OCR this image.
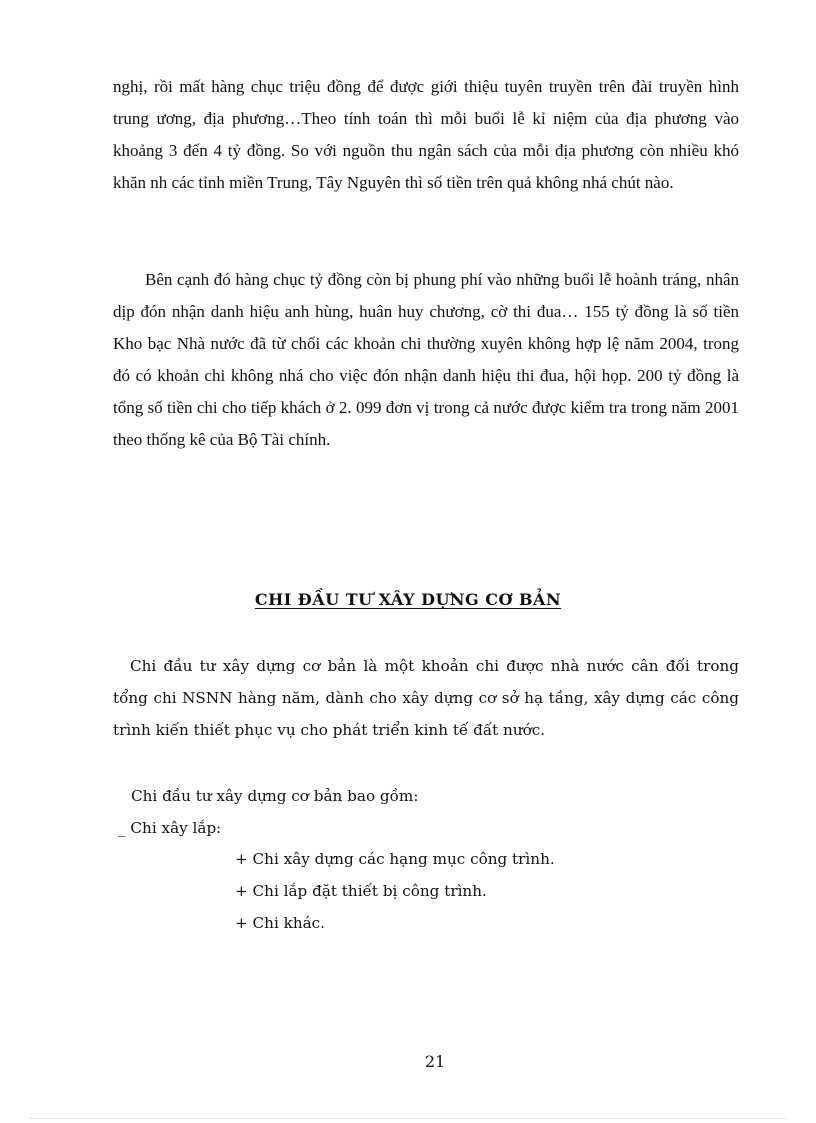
nghị, rồi mất hàng chục triệu đồng để được giới thiệu tuyên truyền trên đài truyền hình trung ương, địa phương…Theo tính toán thì mỗi buổi lễ kỉ niệm của địa phương vào khoảng 3 đến 4 tỷ đồng. So với nguồn thu ngân sách của mỗi địa phương còn nhiều khó khăn nh các tỉnh miền Trung, Tây Nguyên thì số tiền trên quả không nhá chút nào.

Bên cạnh đó hàng chục tỷ đồng còn bị phung phí vào những buổi lễ hoành tráng, nhân dịp đón nhận danh hiệu anh hùng, huân huy chương, cờ thi đua… 155 tỷ đồng là số tiền Kho bạc Nhà nước đã từ chối các khoản chi thường xuyên không hợp lệ năm 2004, trong đó có khoản chi không nhá cho việc đón nhận danh hiệu thi đua, hội họp. 200 tỷ đồng là tổng số tiền chi cho tiếp khách ở 2. 099 đơn vị trong cả nước được kiểm tra trong năm 2001 theo thống kê của Bộ Tài chính.

CHI ĐẦU TƯ XÂY DỰNG CƠ BẢN

Chi đầu tư xây dựng cơ bản là một khoản chi được nhà nước cân đối trong tổng chi NSNN hàng năm, dành cho xây dựng cơ sở hạ tầng, xây dựng các công trình kiến thiết phục vụ cho phát triển kinh tế đất nước.

Chi đầu tư xây dựng cơ bản bao gồm:

_ Chi xây lắp:

+ Chi xây dựng các hạng mục công trình.

+ Chi lắp đặt thiết bị công trình.

+ Chi khác.

21
